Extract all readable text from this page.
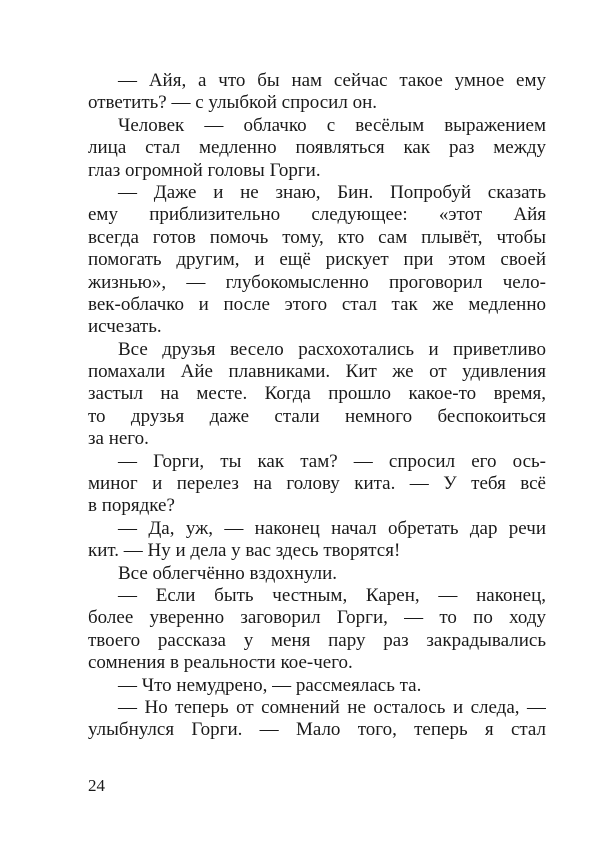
— Айя, а что бы нам сейчас такое умное ему
ответить? — с улыбкой спросил он.
Человек — облачко с весёлым выражением
лица стал медленно появляться как раз между
глаз огромной головы Горги.
— Даже и не знаю, Бин. Попробуй сказать
ему приблизительно следующее: «этот Айя
всегда готов помочь тому, кто сам плывёт, чтобы
помогать другим, и ещё рискует при этом своей
жизнью», — глубокомысленно проговорил чело-
век-облачко и после этого стал так же медленно
исчезать.
Все друзья весело расхохотались и приветливо
помахали Айе плавниками. Кит же от удивления
застыл на месте. Когда прошло какое-то время,
то друзья даже стали немного беспокоиться
за него.
— Горги, ты как там? — спросил его ось-
миног и перелез на голову кита. — У тебя всё
в порядке?
— Да, уж, — наконец начал обретать дар речи
кит. — Ну и дела у вас здесь творятся!
Все облегчённо вздохнули.
— Если быть честным, Карен, — наконец,
более уверенно заговорил Горги, — то по ходу
твоего рассказа у меня пару раз закрадывались
сомнения в реальности кое-чего.
— Что немудрено, — рассмеялась та.
— Но теперь от сомнений не осталось и следа, —
улыбнулся Горги. — Мало того, теперь я стал
24
